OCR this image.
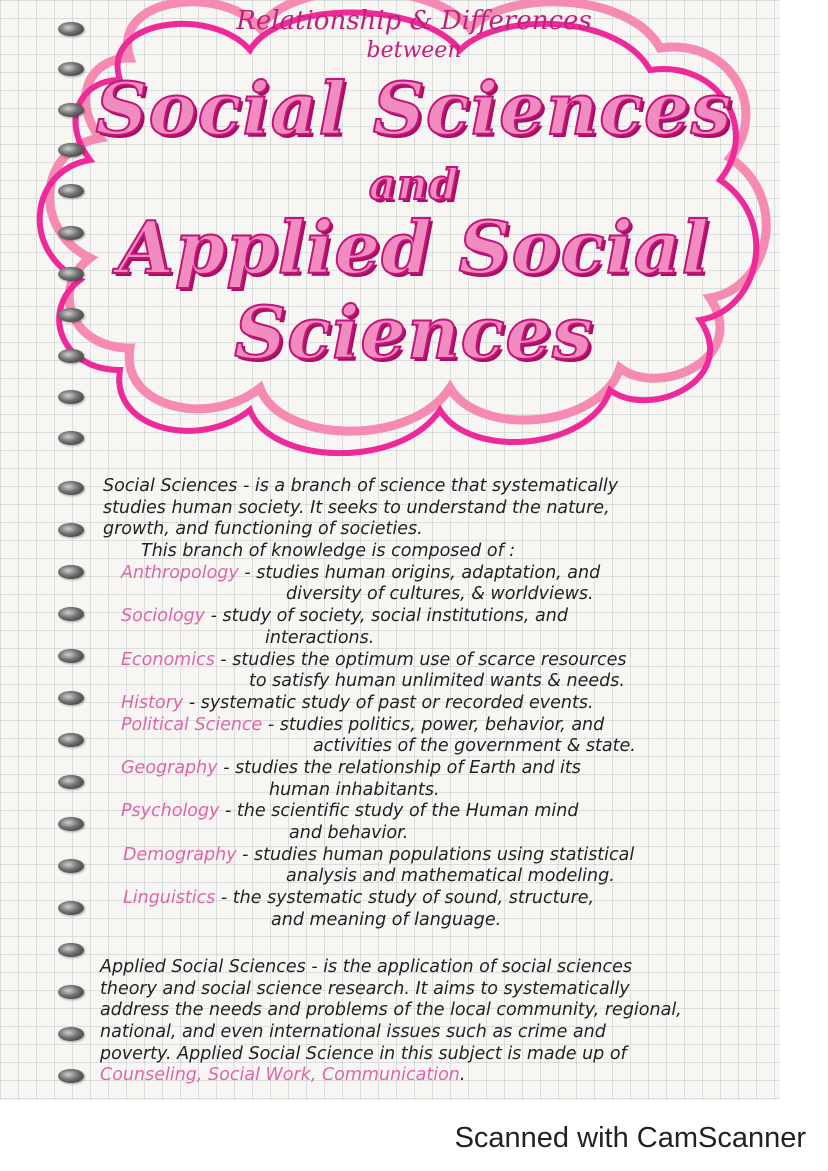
Relationship & Differences
between
Social Sciences
and
Applied Social
Sciences
Social Sciences - is a branch of science that systematically
studies human society. It seeks to understand the nature,
growth, and functioning of societies.
This branch of knowledge is composed of :
Anthropology - studies human origins, adaptation, and
diversity of cultures, & worldviews.
Sociology - study of society, social institutions, and
interactions.
Economics - studies the optimum use of scarce resources
to satisfy human unlimited wants & needs.
History - systematic study of past or recorded events.
Political Science - studies politics, power, behavior, and
activities of the government & state.
Geography - studies the relationship of Earth and its
human inhabitants.
Psychology - the scientific study of the Human mind
and behavior.
Demography - studies human populations using statistical
analysis and mathematical modeling.
Linguistics - the systematic study of sound, structure,
and meaning of language.
Applied Social Sciences - is the application of social sciences
theory and social science research. It aims to systematically
address the needs and problems of the local community, regional,
national, and even international issues such as crime and
poverty. Applied Social Science in this subject is made up of
Counseling, Social Work, Communication.
Scanned with CamScanner
